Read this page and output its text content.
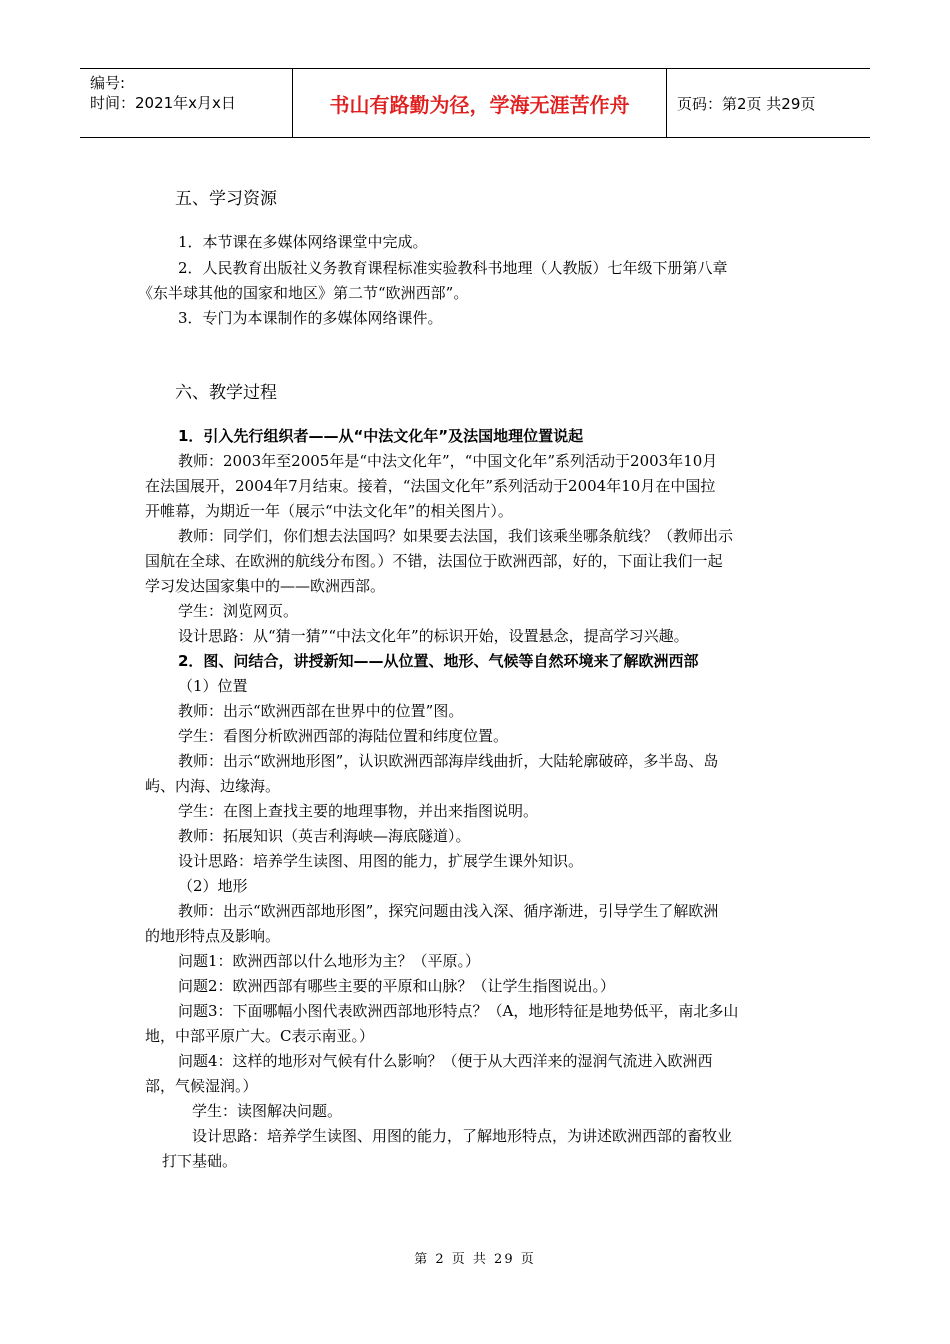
编号:
时间：2021年x月x日	书山有路勤为径，学海无涯苦作舟	页码：第2页 共29页
五、学习资源
1．本节课在多媒体网络课堂中完成。
2．人民教育出版社义务教育课程标准实验教科书地理（人教版）七年级下册第八章
《东半球其他的国家和地区》第二节“欧洲西部”。
3．专门为本课制作的多媒体网络课件。
六、教学过程
1．引入先行组织者——从“中法文化年”及法国地理位置说起
教师：2003年至2005年是“中法文化年”，“中国文化年”系列活动于2003年10月
在法国展开，2004年7月结束。接着，“法国文化年”系列活动于2004年10月在中国拉
开帷幕，为期近一年（展示“中法文化年”的相关图片）。
教师：同学们，你们想去法国吗？如果要去法国，我们该乘坐哪条航线？（教师出示
国航在全球、在欧洲的航线分布图。）不错，法国位于欧洲西部，好的，下面让我们一起
学习发达国家集中的——欧洲西部。
学生：浏览网页。
设计思路：从“猜一猜”“中法文化年”的标识开始，设置悬念，提高学习兴趣。
2．图、问结合，讲授新知——从位置、地形、气候等自然环境来了解欧洲西部
（1）位置
教师：出示“欧洲西部在世界中的位置”图。
学生：看图分析欧洲西部的海陆位置和纬度位置。
教师：出示“欧洲地形图”，认识欧洲西部海岸线曲折，大陆轮廓破碎，多半岛、岛
屿、内海、边缘海。
学生：在图上查找主要的地理事物，并出来指图说明。
教师：拓展知识（英吉利海峡—海底隧道）。
设计思路：培养学生读图、用图的能力，扩展学生课外知识。
（2）地形
教师：出示“欧洲西部地形图”，探究问题由浅入深、循序渐进，引导学生了解欧洲
的地形特点及影响。
问题1：欧洲西部以什么地形为主？（平原。）
问题2：欧洲西部有哪些主要的平原和山脉？（让学生指图说出。）
问题3：下面哪幅小图代表欧洲西部地形特点？（A，地形特征是地势低平，南北多山
地，中部平原广大。C表示南亚。）
问题4：这样的地形对气候有什么影响？（便于从大西洋来的湿润气流进入欧洲西
部，气候湿润。）
学生：读图解决问题。
设计思路：培养学生读图、用图的能力，了解地形特点，为讲述欧洲西部的畜牧业
打下基础。
第 2 页 共 29 页
